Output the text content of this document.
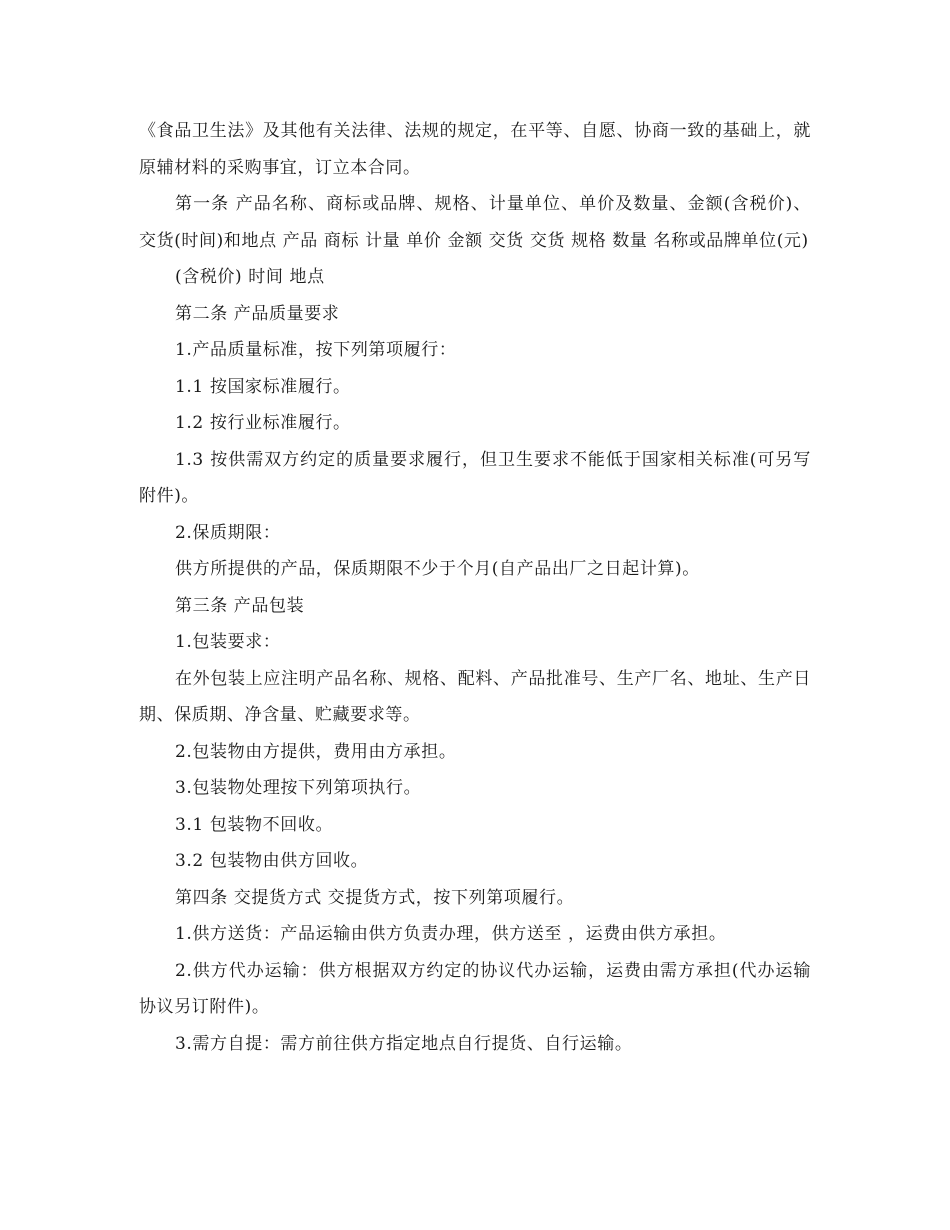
《食品卫生法》及其他有关法律、法规的规定，在平等、自愿、协商一致的基础上，就原辅材料的采购事宜，订立本合同。

第一条 产品名称、商标或品牌、规格、计量单位、单价及数量、金额(含税价)、交货(时间)和地点 产品 商标 计量 单价 金额 交货 交货 规格 数量 名称或品牌单位(元)

(含税价) 时间 地点

第二条 产品质量要求

1.产品质量标准，按下列第项履行：

1.1 按国家标准履行。

1.2 按行业标准履行。

1.3 按供需双方约定的质量要求履行，但卫生要求不能低于国家相关标准(可另写附件)。

2.保质期限：

供方所提供的产品，保质期限不少于个月(自产品出厂之日起计算)。

第三条 产品包装

1.包装要求：

在外包装上应注明产品名称、规格、配料、产品批准号、生产厂名、地址、生产日期、保质期、净含量、贮藏要求等。

2.包装物由方提供，费用由方承担。

3.包装物处理按下列第项执行。

3.1 包装物不回收。

3.2 包装物由供方回收。

第四条 交提货方式 交提货方式，按下列第项履行。

1.供方送货：产品运输由供方负责办理，供方送至 ，运费由供方承担。

2.供方代办运输：供方根据双方约定的协议代办运输，运费由需方承担(代办运输协议另订附件)。

3.需方自提：需方前往供方指定地点自行提货、自行运输。
